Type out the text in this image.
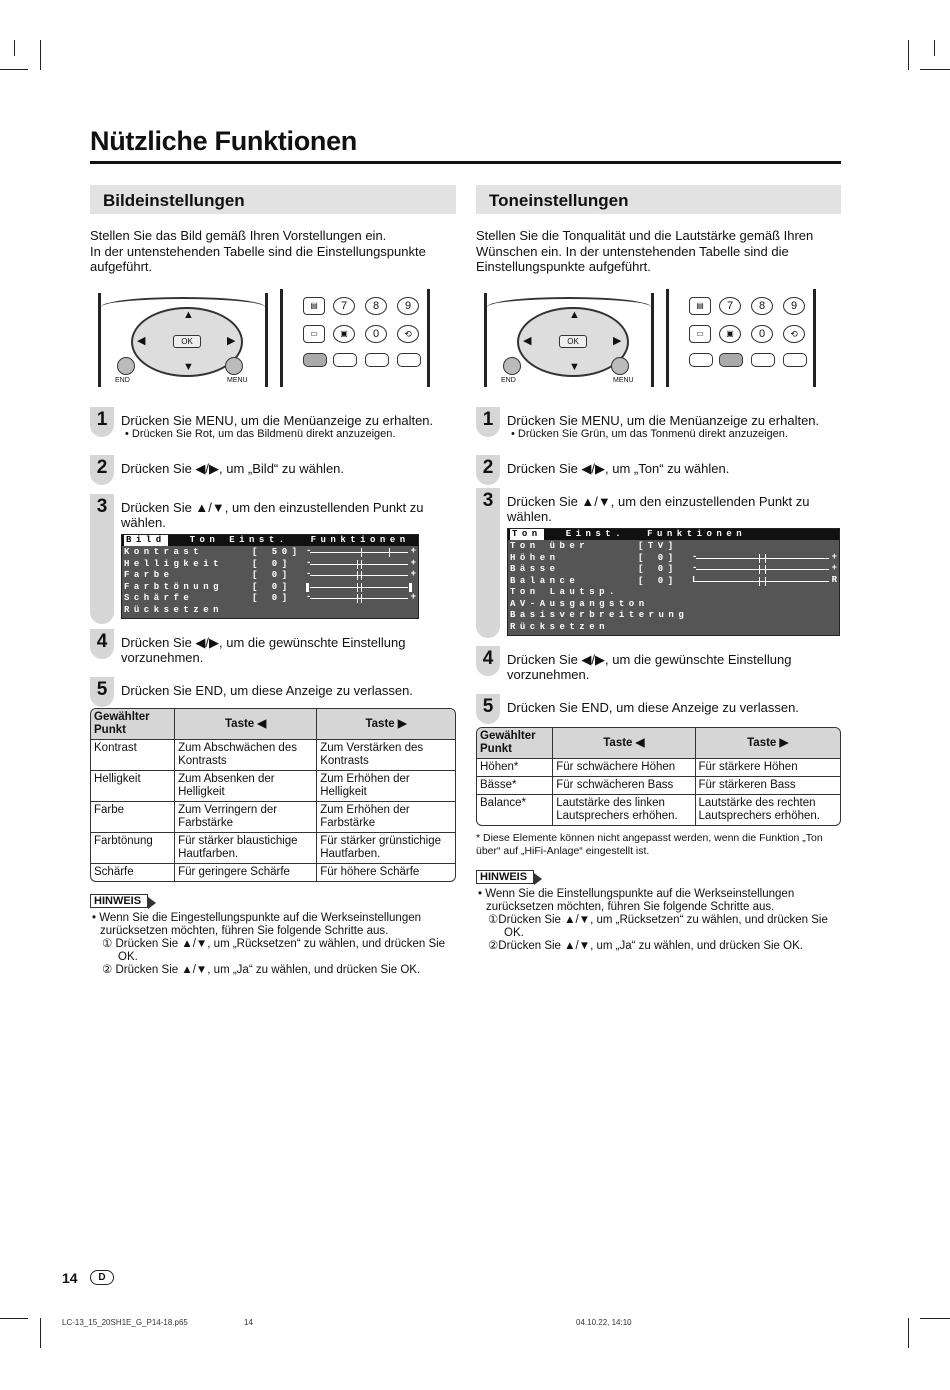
Nützliche Funktionen
Bildeinstellungen
Stellen Sie das Bild gemäß Ihren Vorstellungen ein.
In der untenstehenden Tabelle sind die Einstellungspunkte aufgeführt.
▲
▼
◀	▶
OK
END	MENU
▤	7	8	9
▭	▣	0	⟲
1	Drücken Sie MENU, um die Menüanzeige zu erhalten.
• Drücken Sie Rot, um das Bildmenü direkt anzuzeigen.
2	Drücken Sie ◀/▶, um „Bild“ zu wählen.
3	Drücken Sie ▲/▼, um den einzustellenden Punkt zu wählen.
Bild	Ton Einst. Funktionen
Kontrast	[ 50] -	+
Helligkeit	[ 0]	-	+
Farbe	[ 0]	-	+
Farbtönung	[ 0]
Schärfe	[ 0]	-	+
Rücksetzen
4	Drücken Sie ◀/▶, um die gewünschte Einstellung vorzunehmen.
5	Drücken Sie END, um diese Anzeige zu verlassen.
Gewählter Punkt	Taste ◀	Taste ▶
Kontrast	Zum Abschwächen des Kontrasts	Zum Verstärken des Kontrasts
Helligkeit	Zum Absenken der Helligkeit	Zum Erhöhen der Helligkeit
Farbe	Zum Verringern der Farbstärke	Zum Erhöhen der Farbstärke
Farbtönung	Für stärker blaustichige Hautfarben.	Für stärker grünstichige Hautfarben.
Schärfe	Für geringere Schärfe	Für höhere Schärfe
HINWEIS
• Wenn Sie die Eingestellungspunkte auf die Werkseinstellungen zurücksetzen möchten, führen Sie folgende Schritte aus.
① Drücken Sie ▲/▼, um „Rücksetzen“ zu wählen, und drücken Sie OK.
② Drücken Sie ▲/▼, um „Ja“ zu wählen, und drücken Sie OK.
Toneinstellungen
Stellen Sie die Tonqualität und die Lautstärke gemäß Ihren Wünschen ein. In der untenstehenden Tabelle sind die Einstellungspunkte aufgeführt.
▲
▼
◀	▶
OK
END	MENU
▤	7	8	9
▭	▣	0	⟲
1	Drücken Sie MENU, um die Menüanzeige zu erhalten.
• Drücken Sie Grün, um das Tonmenü direkt anzuzeigen.
2	Drücken Sie ◀/▶, um „Ton“ zu wählen.
3	Drücken Sie ▲/▼, um den einzustellenden Punkt zu wählen.
Ton	Einst. Funktionen
Ton über	[TV]
Höhen	[ 0]	-	+
Bässe	[ 0]	-	+
Balance	[ 0]	L	R
Ton Lautsp.
AV-Ausgangston
Basisverbreiterung
Rücksetzen
4	Drücken Sie ◀/▶, um die gewünschte Einstellung vorzunehmen.
5	Drücken Sie END, um diese Anzeige zu verlassen.
Gewählter Punkt	Taste ◀	Taste ▶
Höhen*	Für schwächere Höhen	Für stärkere Höhen
Bässe*	Für schwächeren Bass	Für stärkeren Bass
Balance*	Lautstärke des linken Lautsprechers erhöhen.	Lautstärke des rechten Lautsprechers erhöhen.
* Diese Elemente können nicht angepasst werden, wenn die Funktion „Ton über“ auf „HiFi-Anlage“ eingestellt ist.
HINWEIS
• Wenn Sie die Einstellungspunkte auf die Werkseinstellungen zurücksetzen möchten, führen Sie folgende Schritte aus.
①Drücken Sie ▲/▼, um „Rücksetzen“ zu wählen, und drücken Sie OK.
②Drücken Sie ▲/▼, um „Ja“ zu wählen, und drücken Sie OK.
14	D
LC-13_15_20SH1E_G_P14-18.p65	14	04.10.22, 14:10
